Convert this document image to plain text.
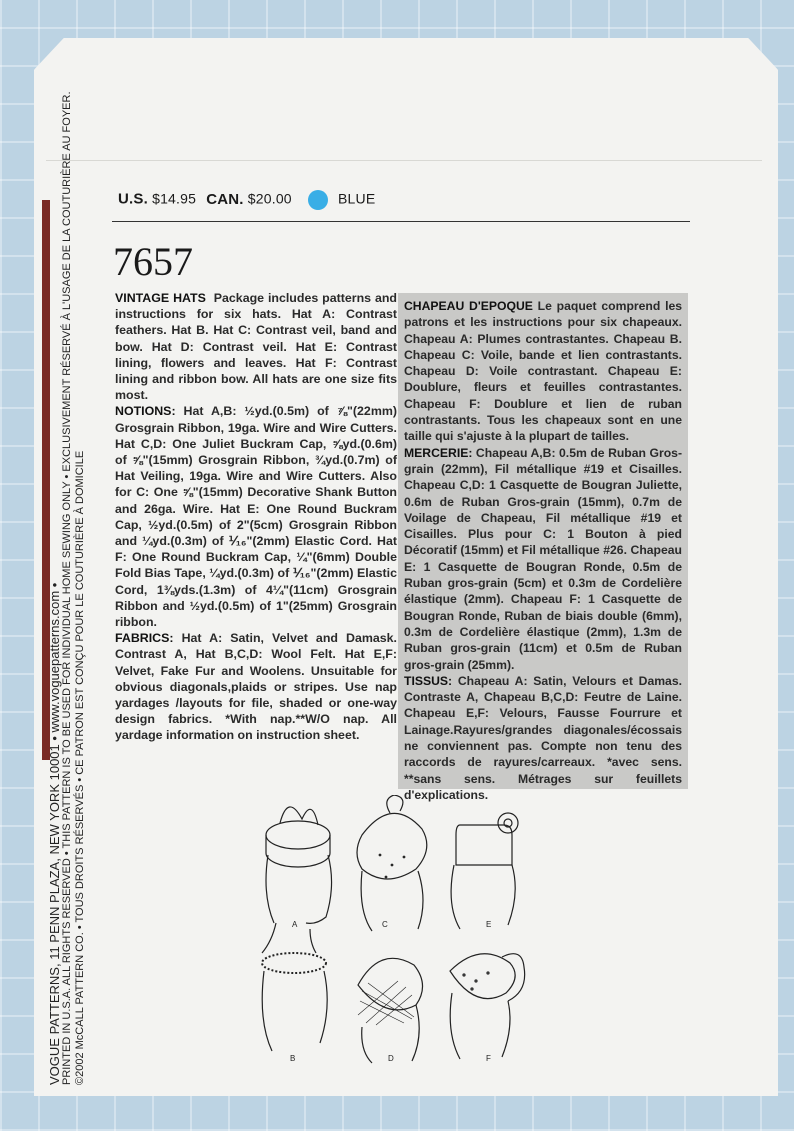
U.S. $14.95 CAN. $20.00	BLUE
7657

VINTAGE HATS Package includes patterns and instructions for six hats. Hat A: Contrast feathers. Hat B. Hat C: Contrast veil, band and bow. Hat D: Contrast veil. Hat E: Contrast lining, flowers and leaves. Hat F: Contrast lining and ribbon bow. All hats are one size fits most.

NOTIONS: Hat A,B: ½yd.(0.5m) of ⅞"(22mm) Grosgrain Ribbon, 19ga. Wire and Wire Cutters. Hat C,D: One Juliet Buckram Cap, ⅝yd.(0.6m) of ⅝"(15mm) Grosgrain Ribbon, ¾yd.(0.7m) of Hat Veiling, 19ga. Wire and Wire Cutters. Also for C: One ⅝"(15mm) Decorative Shank Button and 26ga. Wire. Hat E: One Round Buckram Cap, ½yd.(0.5m) of 2"(5cm) Grosgrain Ribbon and ¼yd.(0.3m) of ⅟₁₆"(2mm) Elastic Cord. Hat F: One Round Buckram Cap, ¼"(6mm) Double Fold Bias Tape, ¼yd.(0.3m) of ⅟₁₆"(2mm) Elastic Cord, 1⅜yds.(1.3m) of 4¼"(11cm) Grosgrain Ribbon and ½yd.(0.5m) of 1"(25mm) Grosgrain ribbon.

FABRICS: Hat A: Satin, Velvet and Damask. Contrast A, Hat B,C,D: Wool Felt. Hat E,F: Velvet, Fake Fur and Woolens. Unsuitable for obvious diagonals,plaids or stripes. Use nap yardages /layouts for file, shaded or one-way design fabrics. *With nap.**W/O nap. All yardage information on instruction sheet.

CHAPEAU D'EPOQUE Le paquet comprend les patrons et les instructions pour six chapeaux. Chapeau A: Plumes contrastantes. Chapeau B. Chapeau C: Voile, bande et lien contrastants. Chapeau D: Voile contrastant. Chapeau E: Doublure, fleurs et feuilles contrastantes. Chapeau F: Doublure et lien de ruban contrastants. Tous les chapeaux sont en une taille qui s'ajuste à la plupart de tailles.

MERCERIE: Chapeau A,B: 0.5m de Ruban Gros-grain (22mm), Fil métallique #19 et Cisailles. Chapeau C,D: 1 Casquette de Bougran Juliette, 0.6m de Ruban Gros-grain (15mm), 0.7m de Voilage de Chapeau, Fil métallique #19 et Cisailles. Plus pour C: 1 Bouton à pied Décoratif (15mm) et Fil métallique #26. Chapeau E: 1 Casquette de Bougran Ronde, 0.5m de Ruban gros-grain (5cm) et 0.3m de Cordelière élastique (2mm). Chapeau F: 1 Casquette de Bougran Ronde, Ruban de biais double (6mm), 0.3m de Cordelière élastique (2mm), 1.3m de Ruban gros-grain (11cm) et 0.5m de Ruban gros-grain (25mm).

TISSUS: Chapeau A: Satin, Velours et Damas. Contraste A, Chapeau B,C,D: Feutre de Laine. Chapeau E,F: Velours, Fausse Fourrure et Lainage.Rayures/grandes diagonales/écossais ne conviennent pas. Compte non tenu des raccords de rayures/carreaux. *avec sens. **sans sens. Métrages sur feuillets d'explications.

VOGUE PATTERNS, 11 PENN PLAZA, NEW YORK 10001 • www.voguepatterns.com • PRINTED IN U.S.A. ALL RIGHTS RESERVED • THIS PATTERN IS TO BE USED FOR INDIVIDUAL HOME SEWING ONLY • EXCLUSIVEMENT RÉSERVÉ À L'USAGE DE LA COUTURIÈRE AU FOYER. ©2002 McCALL PATTERN CO. • TOUS DROITS RÉSERVÉS • CE PATRON EST CONÇU POUR LE COUTURIÈRE À DOMICILE	A	C	E
B	D	F
